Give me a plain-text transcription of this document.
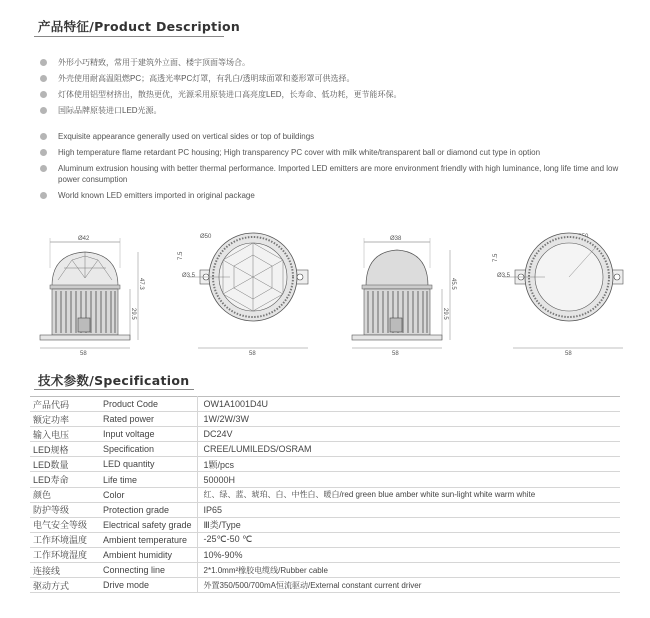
产品特征/Product Description
外形小巧精致，常用于建筑外立面、楼宇顶面等场合。
外壳使用耐高温阻燃PC；高透光率PC灯罩，有乳白/透明球面罩和菱形罩可供选择。
灯体使用铝型材挤出，散热更优，光源采用原装进口高亮度LED，长寿命、低功耗，更节能环保。
国际品牌原装进口LED光源。
Exquisite appearance generally used on vertical sides or top of buildings
High temperature flame retardant PC housing; High transparency PC cover with milk white/transparent ball or diamond cut type in option
Aluminum extrusion housing with better thermal performance. Imported LED emitters are more environment friendly with high luminance, long life time and low power consumption
World known LED emitters imported in original package
Ø42
47.3
29.5
58
Ø50
7.5
Ø3.5
58
Ø38
45.5
29.5
58
7.5
Ø3.5
58
技术参数/Specification
产品代码	Product Code	OW1A1001D4U
额定功率	Rated power	1W/2W/3W
输入电压	Input voltage	DC24V
LED规格	Specification	CREE/LUMILEDS/OSRAM
LED数量	LED quantity	1颗/pcs
LED寿命	Life time	50000H
颜色	Color	红、绿、蓝、琥珀、白、中性白、暖白/red green blue amber white sun-light white warm white
防护等级	Protection grade	IP65
电气安全等级	Electrical safety grade	Ⅲ类/Type
工作环境温度	Ambient temperature	-25℃-50 ℃
工作环境湿度	Ambient humidity	10%-90%
连接线	Connecting line	2*1.0mm²橡胶电缆线/Rubber cable
驱动方式	Drive mode	外置350/500/700mA恒流驱动/External constant current driver
